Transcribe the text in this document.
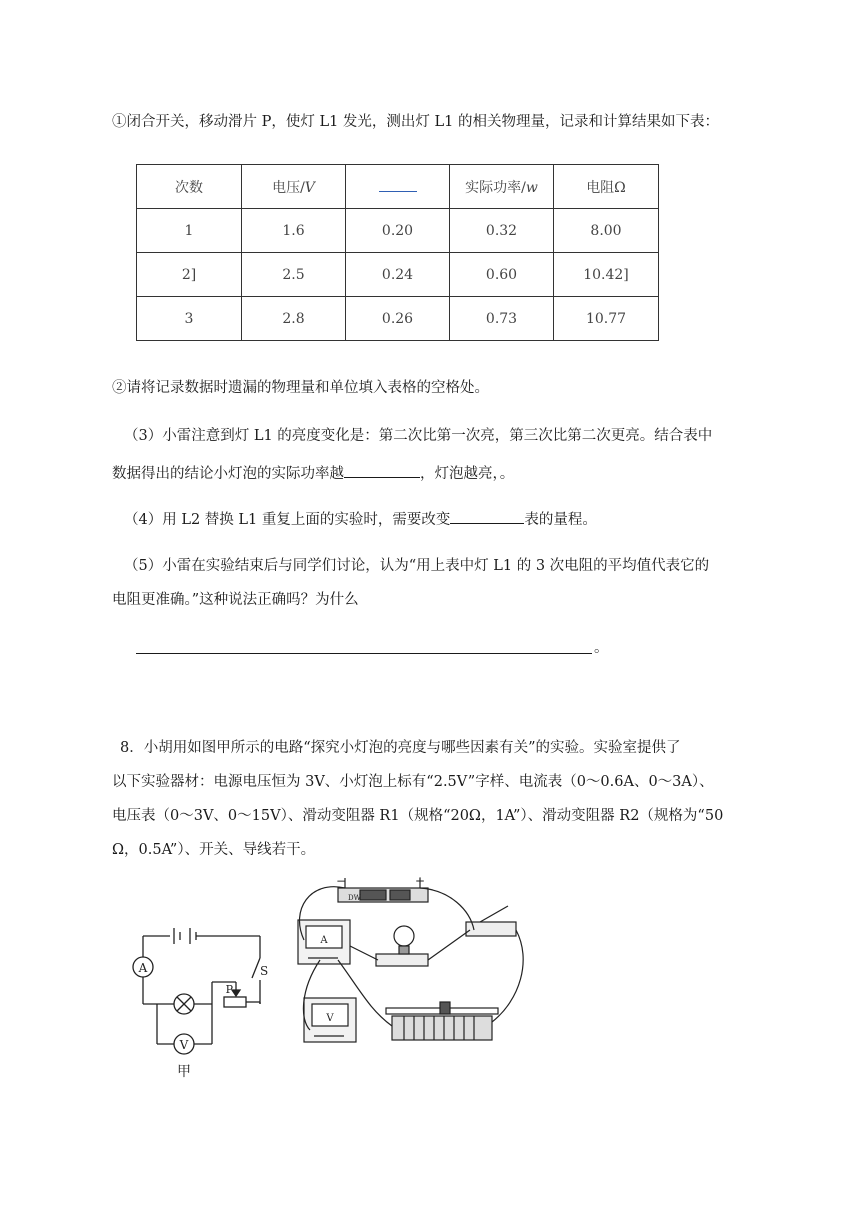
①闭合开关，移动滑片 P，使灯 L1 发光，测出灯 L1 的相关物理量，记录和计算结果如下表：
次数	电压/V		实际功率/w	电阻Ω
1	1.6	0.20	0.32	8.00
2]	2.5	0.24	0.60	10.42]
3	2.8	0.26	0.73	10.77
②请将记录数据时遗漏的物理量和单位填入表格的空格处。
（3）小雷注意到灯 L1 的亮度变化是：第二次比第一次亮，第三次比第二次更亮。结合表中
数据得出的结论小灯泡的实际功率越	，灯泡越亮，。
（4）用 L2 替换 L1 重复上面的实验时，需要改变	表的量程。
（5）小雷在实验结束后与同学们讨论，认为“用上表中灯 L1 的 3 次电阻的平均值代表它的
电阻更准确。”这种说法正确吗？为什么
。
8．小胡用如图甲所示的电路“探究小灯泡的亮度与哪些因素有关”的实验。实验室提供了
以下实验器材：电源电压恒为 3V、小灯泡上标有“2.5V”字样、电流表（0～0.6A、0～3A）、
电压表（0～3V、0～15V）、滑动变阻器 R1（规格“20Ω，1A”）、滑动变阻器 R2（规格为“50
Ω，0.5A”）、开关、导线若干。
A
V
S
P
甲
−	+
DW
A
V
